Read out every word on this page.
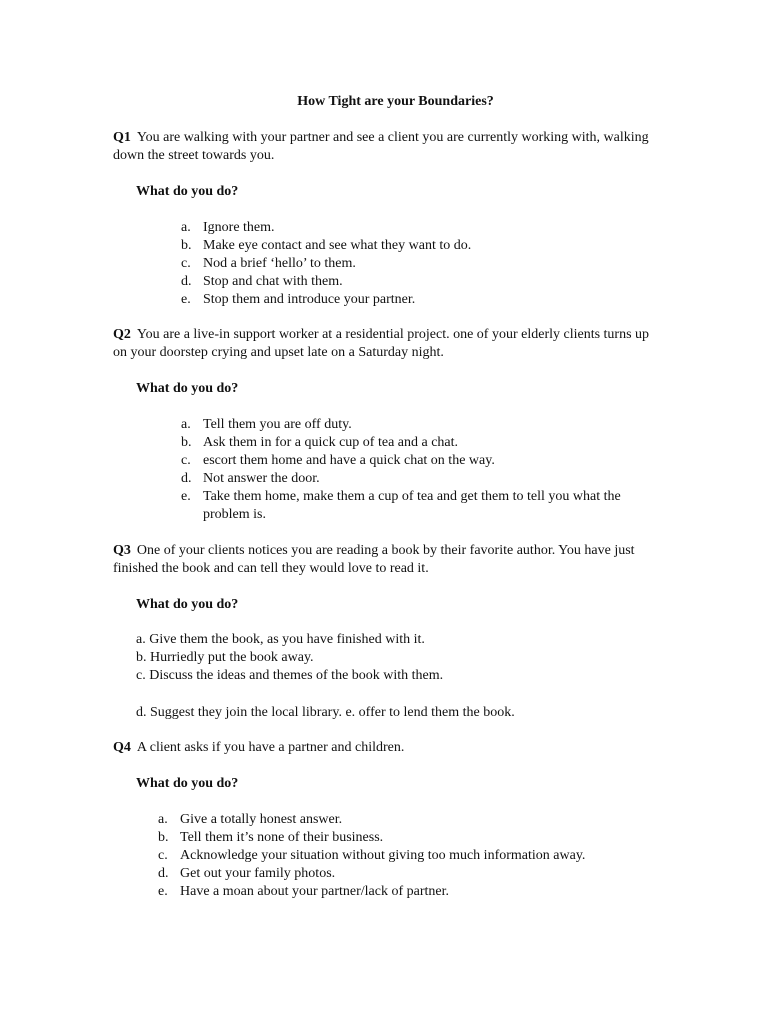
How Tight are your Boundaries?
Q1 You are walking with your partner and see a client you are currently working with, walking down the street towards you.
What do you do?
a. Ignore them.
b. Make eye contact and see what they want to do.
c. Nod a brief ‘hello’ to them.
d. Stop and chat with them.
e. Stop them and introduce your partner.
Q2 You are a live-in support worker at a residential project. one of your elderly clients turns up on your doorstep crying and upset late on a Saturday night.
What do you do?
a. Tell them you are off duty.
b. Ask them in for a quick cup of tea and a chat.
c. escort them home and have a quick chat on the way.
d. Not answer the door.
e. Take them home, make them a cup of tea and get them to tell you what the problem is.
Q3 One of your clients notices you are reading a book by their favorite author. You have just finished the book and can tell they would love to read it.
What do you do?
a. Give them the book, as you have finished with it.
b. Hurriedly put the book away.
c. Discuss the ideas and themes of the book with them.
d. Suggest they join the local library. e. offer to lend them the book.
Q4 A client asks if you have a partner and children.
What do you do?
a. Give a totally honest answer.
b. Tell them it’s none of their business.
c. Acknowledge your situation without giving too much information away.
d. Get out your family photos.
e. Have a moan about your partner/lack of partner.
